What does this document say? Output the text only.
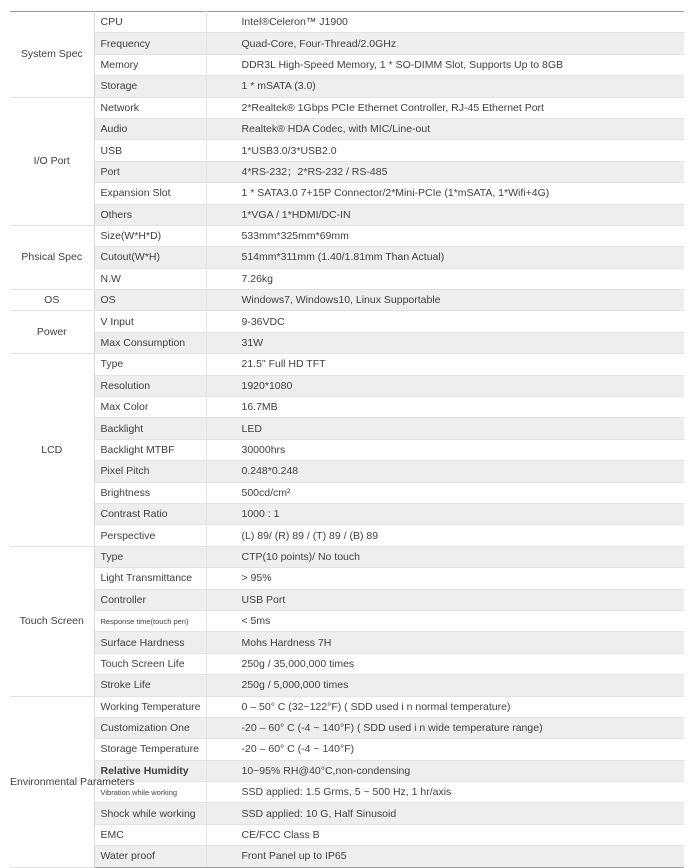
System Spec	CPU	Intel®Celeron™ J1900
	Frequency	Quad-Core, Four-Thread/2.0GHz
	Memory	DDR3L High-Speed Memory, 1 * SO-DIMM Slot, Supports Up to 8GB
	Storage	1 * mSATA (3.0)
I/O Port	Network	2*Realtek® 1Gbps PCIe Ethernet Controller, RJ-45 Ethernet Port
	Audio	Realtek® HDA Codec, with MIC/Line-out
	USB	1*USB3.0/3*USB2.0
	Port	4*RS-232；2*RS-232 / RS-485
	Expansion Slot	1 * SATA3.0 7+15P Connector/2*Mini-PCIe (1*mSATA, 1*Wifi+4G)
	Others	1*VGA / 1*HDMI/DC-IN
Phsical Spec	Size(W*H*D)	533mm*325mm*69mm
	Cutout(W*H)	514mm*311mm (1.40/1.81mm Than Actual)
	N.W	7.26kg
OS	OS	Windows7, Windows10, Linux Supportable
Power	V Input	9-36VDC
	Max Consumption	31W
LCD	Type	21.5" Full HD TFT
	Resolution	1920*1080
	Max Color	16.7MB
	Backlight	LED
	Backlight MTBF	30000hrs
	Pixel Pitch	0.248*0.248
	Brightness	500cd/cm²
	Contrast Ratio	1000 : 1
	Perspective	(L) 89/ (R) 89 / (T) 89 / (B) 89
Touch Screen	Type	CTP(10 points)/ No touch
	Light Transmittance	> 95%
	Controller	USB Port
	Response time(touch pen)	< 5ms
	Surface Hardness	Mohs Hardness 7H
	Touch Screen Life	250g / 35,000,000 times
	Stroke Life	250g / 5,000,000 times
Environmental Parameters	Working Temperature	0 – 50° C (32~122°F) ( SDD used i n normal temperature)
	Customization One	-20 – 60° C (-4 ~ 140°F) ( SDD used i n wide temperature range)
	Storage Temperature	-20 – 60° C (-4 ~ 140°F)
	Relative Humidity	10~95% RH@40°C,non-condensing
	Vibration while working	SSD applied: 1.5 Grms, 5 ~ 500 Hz, 1 hr/axis
	Shock while working	SSD applied: 10 G, Half Sinusoid
	EMC	CE/FCC Class B
	Water proof	Front Panel up to IP65
